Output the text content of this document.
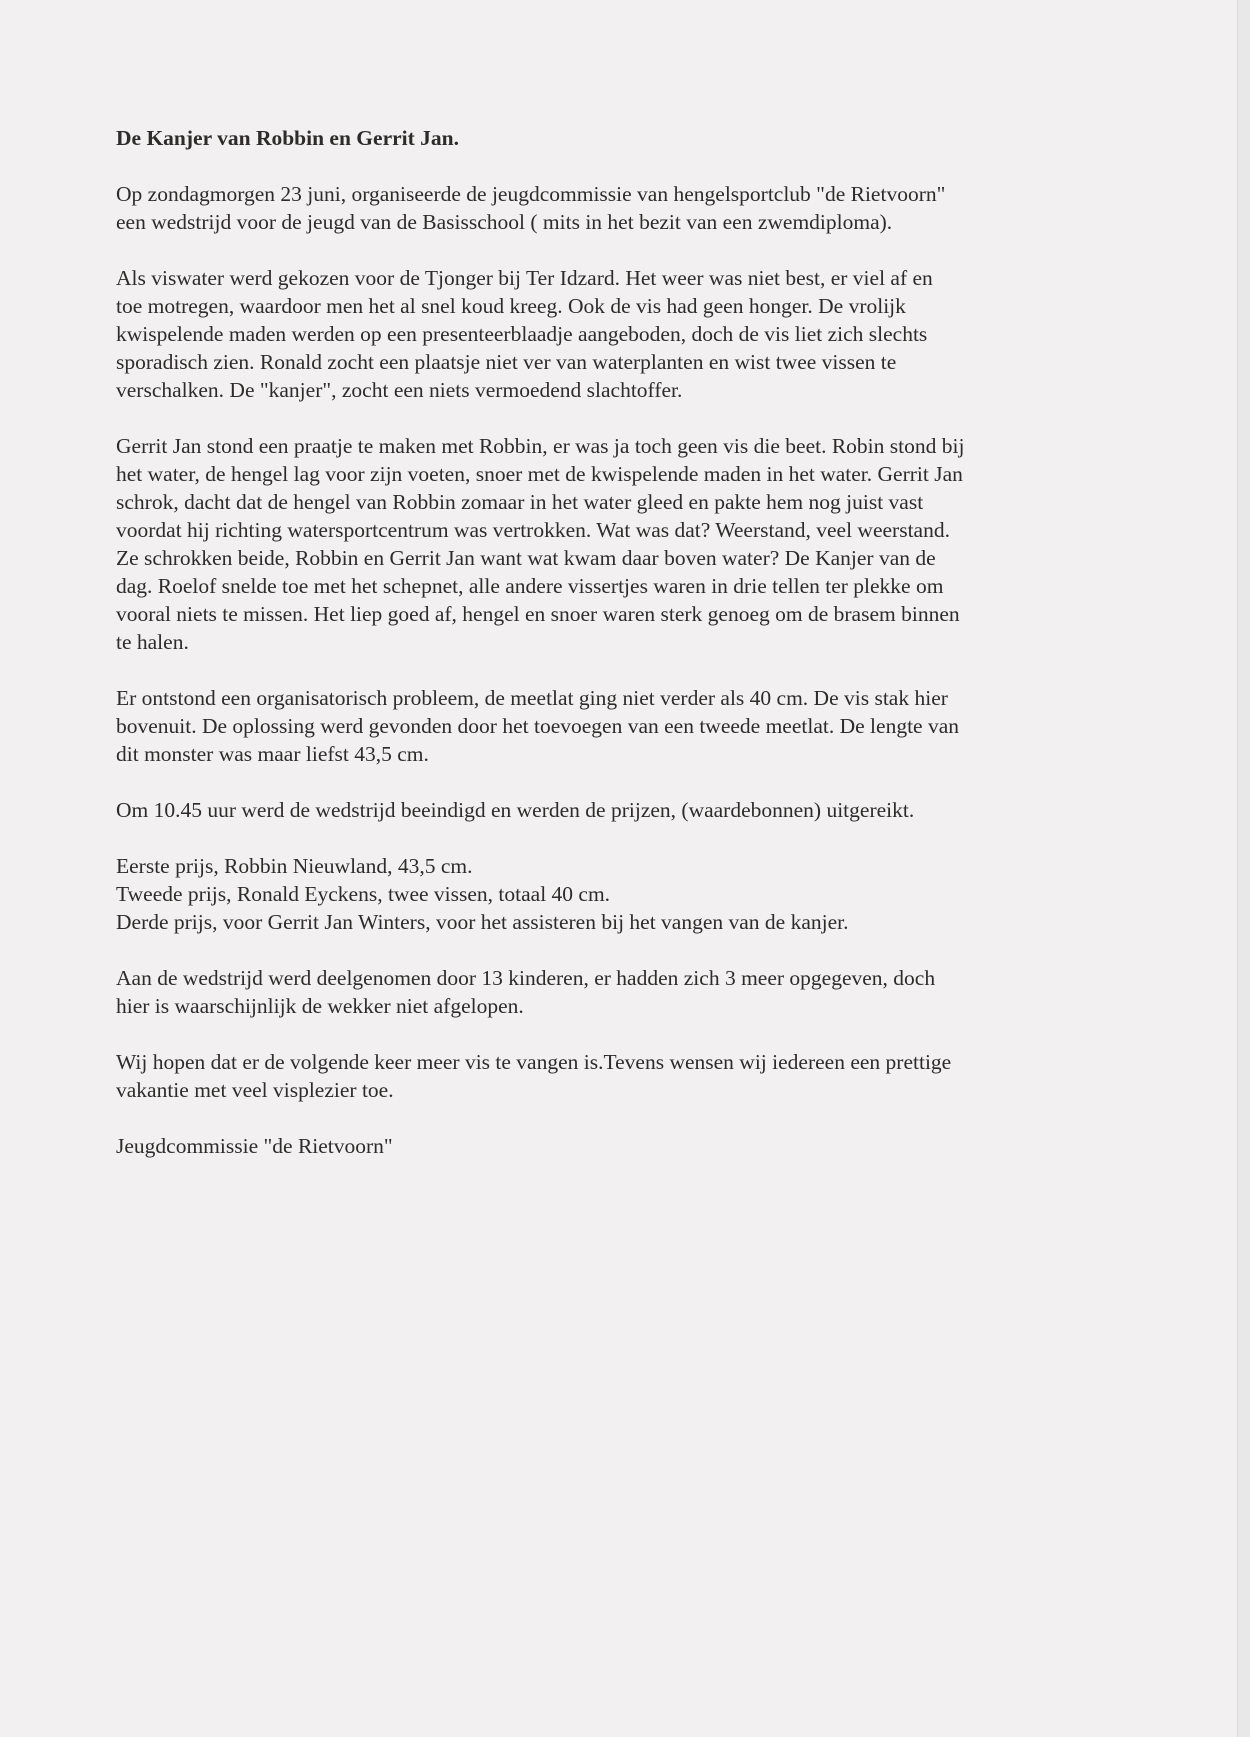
De Kanjer van Robbin en Gerrit Jan.

Op zondagmorgen 23 juni, organiseerde de jeugdcommissie van hengelsportclub "de Rietvoorn"
een wedstrijd voor de jeugd van de Basisschool ( mits in het bezit van een zwemdiploma).

Als viswater werd gekozen voor de Tjonger bij Ter Idzard. Het weer was niet best, er viel af en
toe motregen, waardoor men het al snel koud kreeg. Ook de vis had geen honger. De vrolijk
kwispelende maden werden op een presenteerblaadje aangeboden, doch de vis liet zich slechts
sporadisch zien. Ronald zocht een plaatsje niet ver van waterplanten en wist twee vissen te
verschalken. De "kanjer", zocht een niets vermoedend slachtoffer.

Gerrit Jan stond een praatje te maken met Robbin, er was ja toch geen vis die beet. Robin stond bij
het water, de hengel lag voor zijn voeten, snoer met de kwispelende maden in het water. Gerrit Jan
schrok, dacht dat de hengel van Robbin zomaar in het water gleed en pakte hem nog juist vast
voordat hij richting watersportcentrum was vertrokken. Wat was dat? Weerstand, veel weerstand.
Ze schrokken beide, Robbin en Gerrit Jan want wat kwam daar boven water? De Kanjer van de
dag. Roelof snelde toe met het schepnet, alle andere vissertjes waren in drie tellen ter plekke om
vooral niets te missen. Het liep goed af, hengel en snoer waren sterk genoeg om de brasem binnen
te halen.

Er ontstond een organisatorisch probleem, de meetlat ging niet verder als 40 cm. De vis stak hier
bovenuit. De oplossing werd gevonden door het toevoegen van een tweede meetlat. De lengte van
dit monster was maar liefst 43,5 cm.

Om 10.45 uur werd de wedstrijd beeindigd en werden de prijzen, (waardebonnen) uitgereikt.

Eerste prijs, Robbin Nieuwland, 43,5 cm.
Tweede prijs, Ronald Eyckens, twee vissen, totaal 40 cm.
Derde prijs, voor Gerrit Jan Winters, voor het assisteren bij het vangen van de kanjer.

Aan de wedstrijd werd deelgenomen door 13 kinderen, er hadden zich 3 meer opgegeven, doch
hier is waarschijnlijk de wekker niet afgelopen.

Wij hopen dat er de volgende keer meer vis te vangen is.Tevens wensen wij iedereen een prettige
vakantie met veel visplezier toe.

Jeugdcommissie "de Rietvoorn"
